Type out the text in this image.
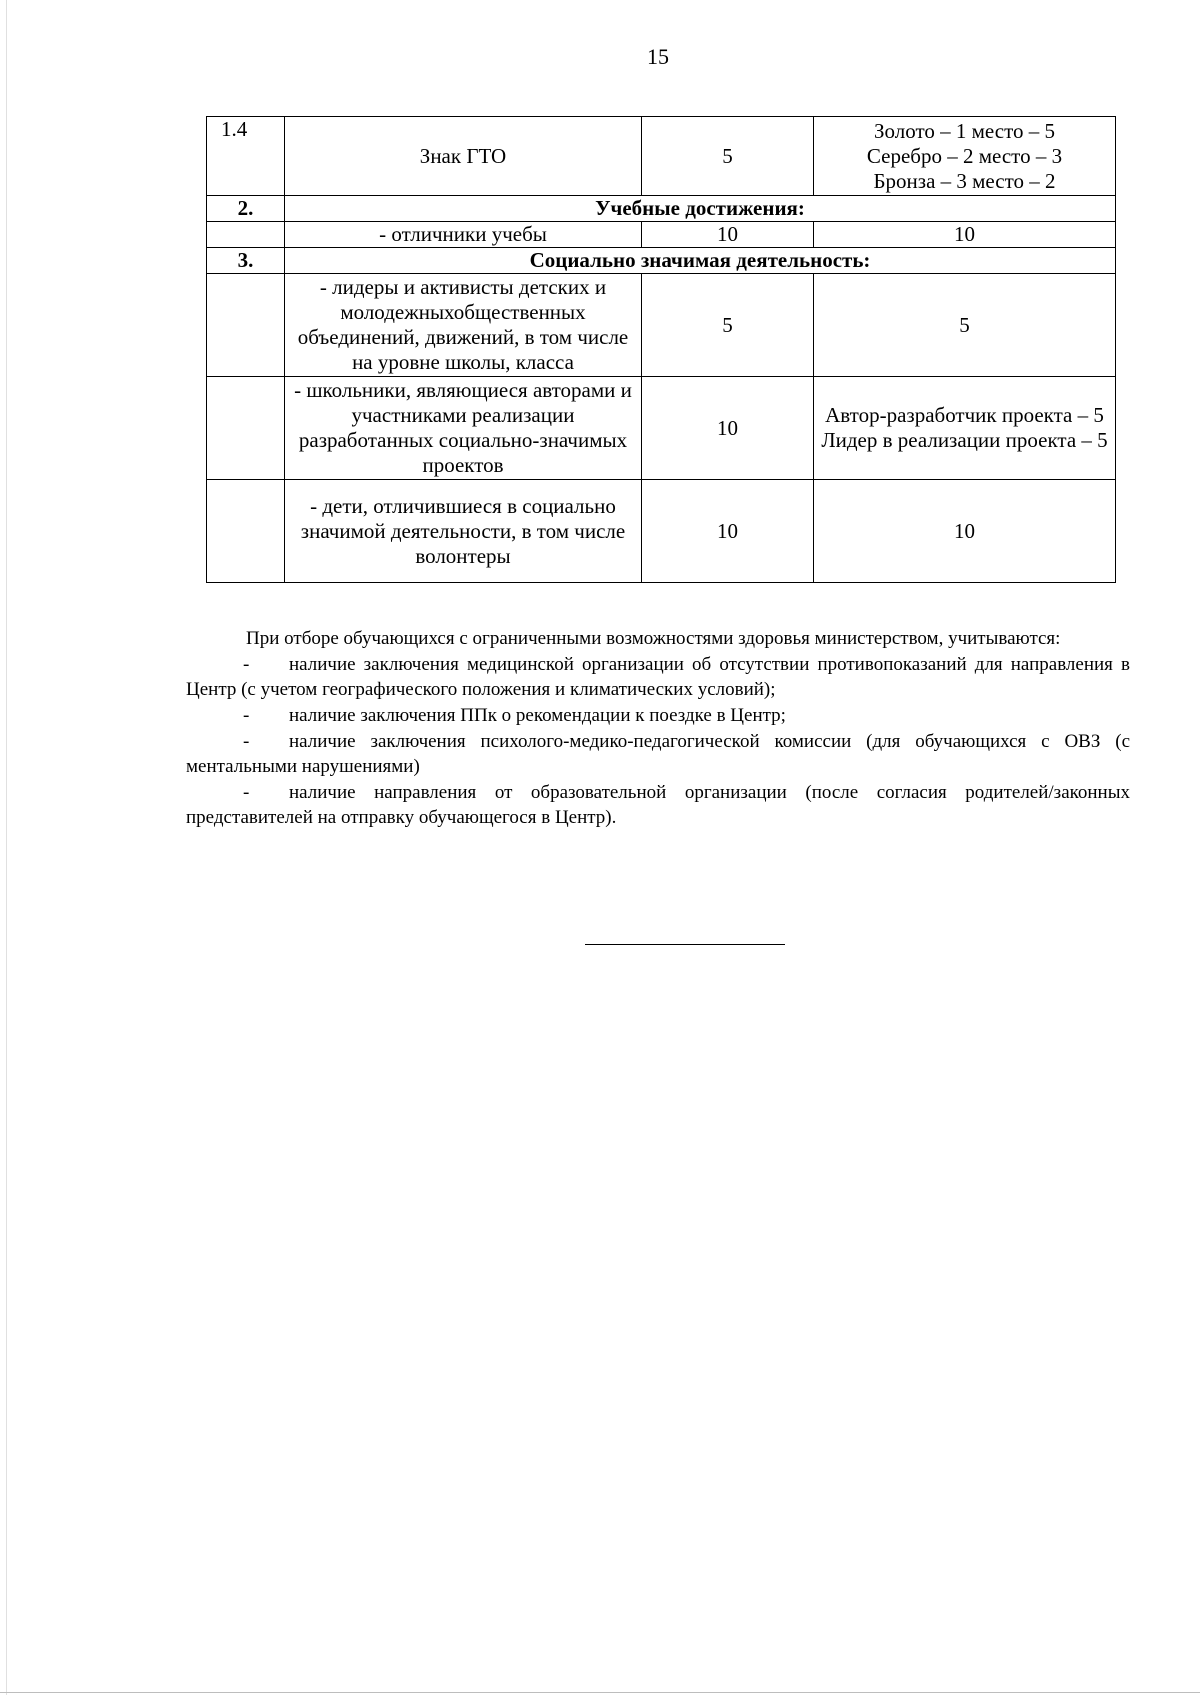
15
1.4	Знак ГТО	5	Золото – 1 место – 5
Серебро – 2 место – 3
Бронза – 3 место – 2

2.	Учебные достижения:		
	- отличники учебы	10	10
3.	Социально значимая деятельность:		
	- лидеры и активисты детских и молодежныхобщественных объединений, движений, в том числе на уровне школы, класса	5	5
	- школьники, являющиеся авторами и участниками реализации разработанных социально-значимых проектов	10	Автор-разработчик проекта – 5
Лидер в реализации проекта – 5

	- дети, отличившиеся в социально значимой деятельности, в том числе волонтеры	10	10

При отборе обучающихся с ограниченными возможностями здоровья министерством, учитываются:

- наличие заключения медицинской организации об отсутствии противопоказаний для направления в Центр (с учетом географического положения и климатических условий);

- наличие заключения ППк о рекомендации к поездке в Центр;

- наличие заключения психолого-медико-педагогической комиссии (для обучающихся с ОВЗ (с ментальными нарушениями)

- наличие направления от образовательной организации (после согласия родителей/законных представителей на отправку обучающегося в Центр).
